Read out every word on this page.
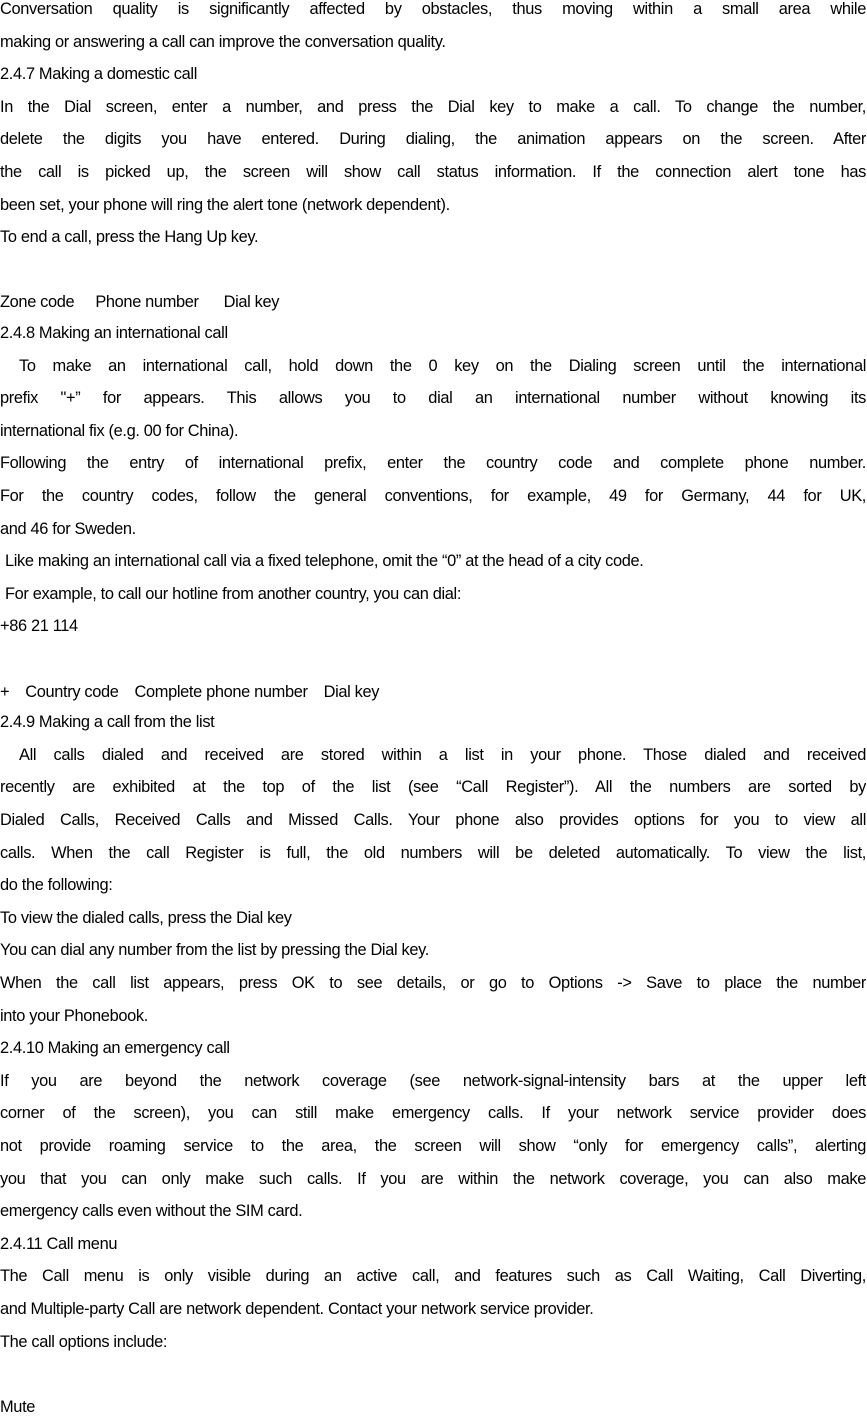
Conversation quality is significantly affected by obstacles, thus moving within a small area while
making or answering a call can improve the conversation quality.
2.4.7 Making a domestic call
In the Dial screen, enter a number, and press the Dial key to make a call. To change the number,
delete the digits you have entered. During dialing, the animation appears on the screen. After
the call is picked up, the screen will show call status information. If the connection alert tone has
been set, your phone will ring the alert tone (network dependent).
To end a call, press the Hang Up key.
Zone code Phone number Dial key
2.4.8 Making an international call
To make an international call, hold down the 0 key on the Dialing screen until the international
prefix "+” for appears. This allows you to dial an international number without knowing its
international fix (e.g. 00 for China).
Following the entry of international prefix, enter the country code and complete phone number.
For the country codes, follow the general conventions, for example, 49 for Germany, 44 for UK,
and 46 for Sweden.
Like making an international call via a fixed telephone, omit the “0” at the head of a city code.
For example, to call our hotline from another country, you can dial:
+86 21 114
+ Country code Complete phone number Dial key
2.4.9 Making a call from the list
All calls dialed and received are stored within a list in your phone. Those dialed and received
recently are exhibited at the top of the list (see “Call Register”). All the numbers are sorted by
Dialed Calls, Received Calls and Missed Calls. Your phone also provides options for you to view all
calls. When the call Register is full, the old numbers will be deleted automatically. To view the list,
do the following:
To view the dialed calls, press the Dial key
You can dial any number from the list by pressing the Dial key.
When the call list appears, press OK to see details, or go to Options -> Save to place the number
into your Phonebook.
2.4.10 Making an emergency call
If you are beyond the network coverage (see network-signal-intensity bars at the upper left
corner of the screen), you can still make emergency calls. If your network service provider does
not provide roaming service to the area, the screen will show “only for emergency calls”, alerting
you that you can only make such calls. If you are within the network coverage, you can also make
emergency calls even without the SIM card.
2.4.11 Call menu
The Call menu is only visible during an active call, and features such as Call Waiting, Call Diverting,
and Multiple-party Call are network dependent. Contact your network service provider.
The call options include:
Mute
